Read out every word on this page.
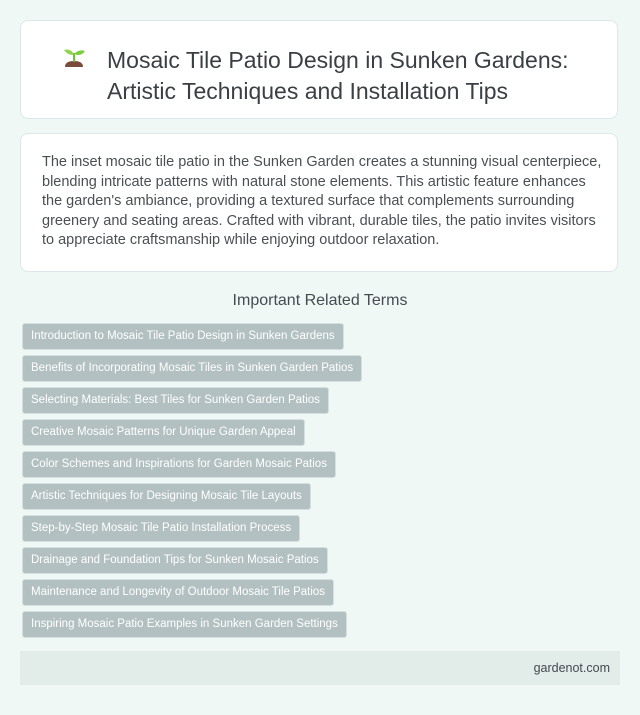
Mosaic Tile Patio Design in Sunken Gardens: Artistic Techniques and Installation Tips

The inset mosaic tile patio in the Sunken Garden creates a stunning visual centerpiece, blending intricate patterns with natural stone elements. This artistic feature enhances the garden's ambiance, providing a textured surface that complements surrounding greenery and seating areas. Crafted with vibrant, durable tiles, the patio invites visitors to appreciate craftsmanship while enjoying outdoor relaxation.

Important Related Terms
Introduction to Mosaic Tile Patio Design in Sunken Gardens
Benefits of Incorporating Mosaic Tiles in Sunken Garden Patios
Selecting Materials: Best Tiles for Sunken Garden Patios
Creative Mosaic Patterns for Unique Garden Appeal
Color Schemes and Inspirations for Garden Mosaic Patios
Artistic Techniques for Designing Mosaic Tile Layouts
Step-by-Step Mosaic Tile Patio Installation Process
Drainage and Foundation Tips for Sunken Mosaic Patios
Maintenance and Longevity of Outdoor Mosaic Tile Patios
Inspiring Mosaic Patio Examples in Sunken Garden Settings
gardenot.com
